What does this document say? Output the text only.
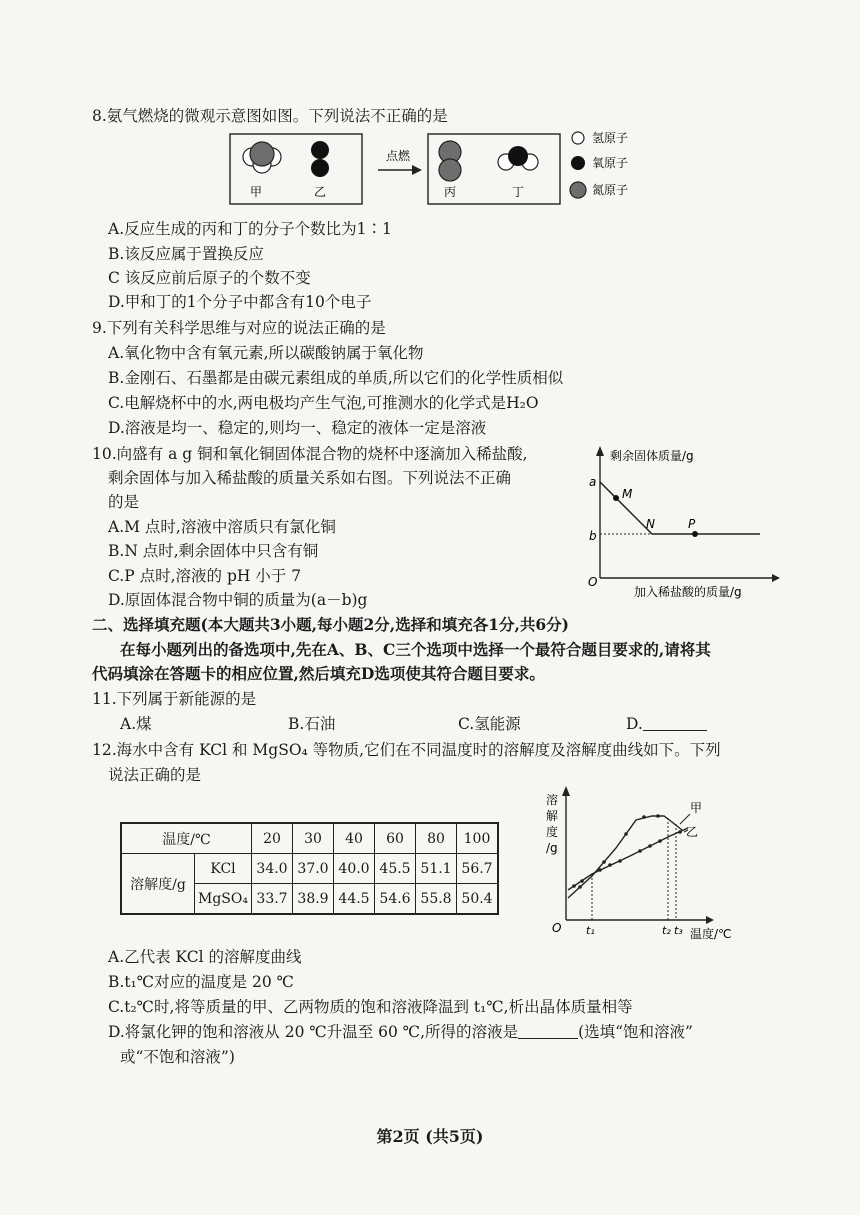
8.氨气燃烧的微观示意图如图。下列说法不正确的是
甲	乙
点燃
丙	丁
氢原子
氧原子
氮原子
A.反应生成的丙和丁的分子个数比为1∶1
B.该反应属于置换反应
C 该反应前后原子的个数不变
D.甲和丁的1个分子中都含有10个电子
9.下列有关科学思维与对应的说法正确的是
A.氧化物中含有氧元素,所以碳酸钠属于氧化物
B.金刚石、石墨都是由碳元素组成的单质,所以它们的化学性质相似
C.电解烧杯中的水,两电极均产生气泡,可推测水的化学式是H₂O
D.溶液是均一、稳定的,则均一、稳定的液体一定是溶液
10.向盛有 a g 铜和氧化铜固体混合物的烧杯中逐滴加入稀盐酸,
剩余固体与加入稀盐酸的质量关系如右图。下列说法不正确
的是
A.M 点时,溶液中溶质只有氯化铜
B.N 点时,剩余固体中只含有铜
C.P 点时,溶液的 pH 小于 7
D.原固体混合物中铜的质量为(a－b)g
剩余固体质量/g
O
a
b
M
N	P
加入稀盐酸的质量/g
二、选择填充题(本大题共3小题,每小题2分,选择和填充各1分,共6分)
在每小题列出的备选项中,先在A、B、C三个选项中选择一个最符合题目要求的,请将其
代码填涂在答题卡的相应位置,然后填充D选项使其符合题目要求。
11.下列属于新能源的是
A.煤	B.石油	C.氢能源	D.
12.海水中含有 KCl 和 MgSO₄ 等物质,它们在不同温度时的溶解度及溶解度曲线如下。下列
说法正确的是
温度/℃		20	30	40	60	80	100
溶解度/g	KCl	34.0	37.0	40.0	45.5	51.1	56.7
	MgSO₄	33.7	38.9	44.5	54.6	55.8	50.4
溶
解
度
/g
O
甲
乙
t₁	t₂ t₃ 温度/℃
A.乙代表 KCl 的溶解度曲线
B.t₁℃对应的温度是 20 ℃
C.t₂℃时,将等质量的甲、乙两物质的饱和溶液降温到 t₁℃,析出晶体质量相等
D.将氯化钾的饱和溶液从 20 ℃升温至 60 ℃,所得的溶液是	(选填“饱和溶液”
或“不饱和溶液”)
第2页 (共5页)
